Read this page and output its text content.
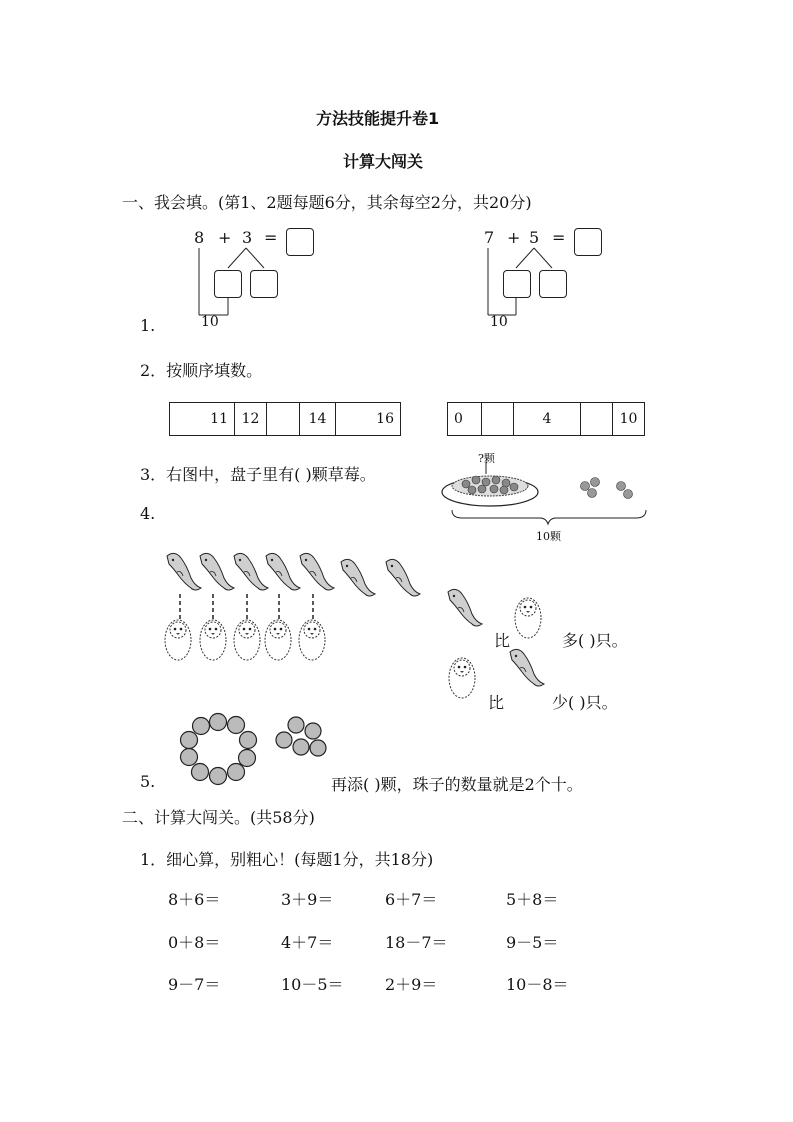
方法技能提升卷1
计算大闯关
一、我会填。(第1、2题每题6分，其余每空2分，共20分)
8 + 3 =
10
7 + 5 =
10
1.
2．按顺序填数。
11 12	14	16	0	4	10
3．右图中，盘子里有( )颗草莓。
?颗
10颗
4.
比	多( )只。
比	少( )只。
5.	再添( )颗，珠子的数量就是2个十。
二、计算大闯关。(共58分)
1．细心算，别粗心！(每题1分，共18分)
8＋6＝	3＋9＝	6＋7＝	5＋8＝
0＋8＝	4＋7＝	18－7＝	9－5＝
9－7＝	10－5＝	2＋9＝	10－8＝
